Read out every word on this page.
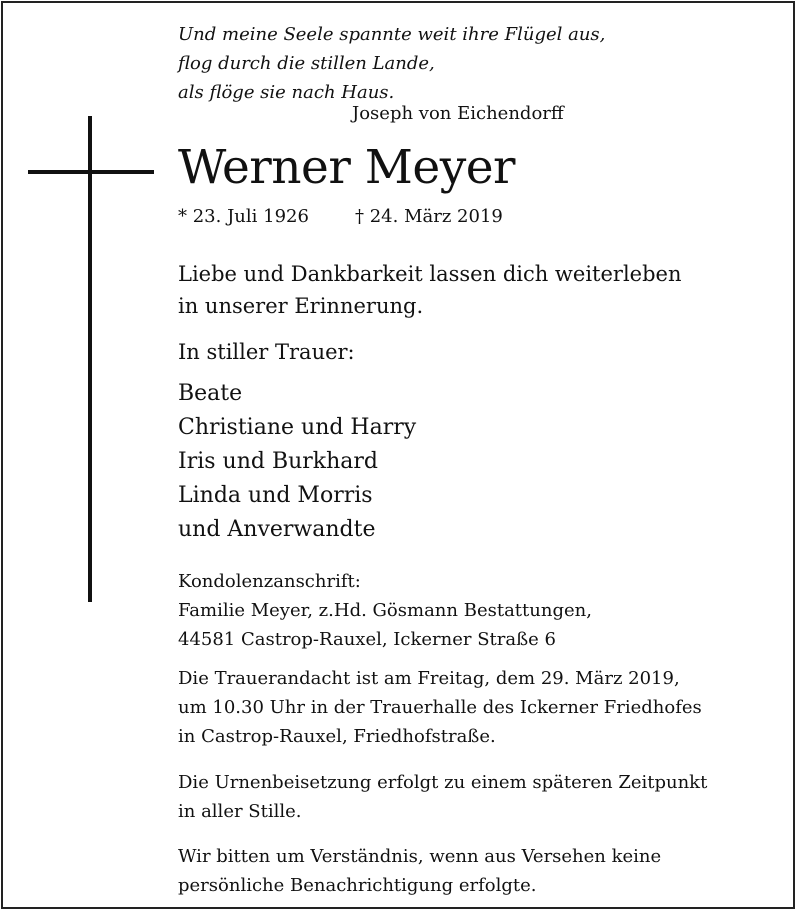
Und meine Seele spannte weit ihre Flügel aus,
flog durch die stillen Lande,
als flöge sie nach Haus.
Joseph von Eichendorff
Werner Meyer
* 23. Juli 1926	† 24. März 2019
Liebe und Dankbarkeit lassen dich weiterleben
in unserer Erinnerung.
In stiller Trauer:
Beate
Christiane und Harry
Iris und Burkhard
Linda und Morris
und Anverwandte
Kondolenzanschrift:
Familie Meyer, z.Hd. Gösmann Bestattungen,
44581 Castrop-Rauxel, Ickerner Straße 6
Die Trauerandacht ist am Freitag, dem 29. März 2019,
um 10.30 Uhr in der Trauerhalle des Ickerner Friedhofes
in Castrop-Rauxel, Friedhofstraße.
Die Urnenbeisetzung erfolgt zu einem späteren Zeitpunkt
in aller Stille.
Wir bitten um Verständnis, wenn aus Versehen keine
persönliche Benachrichtigung erfolgte.
